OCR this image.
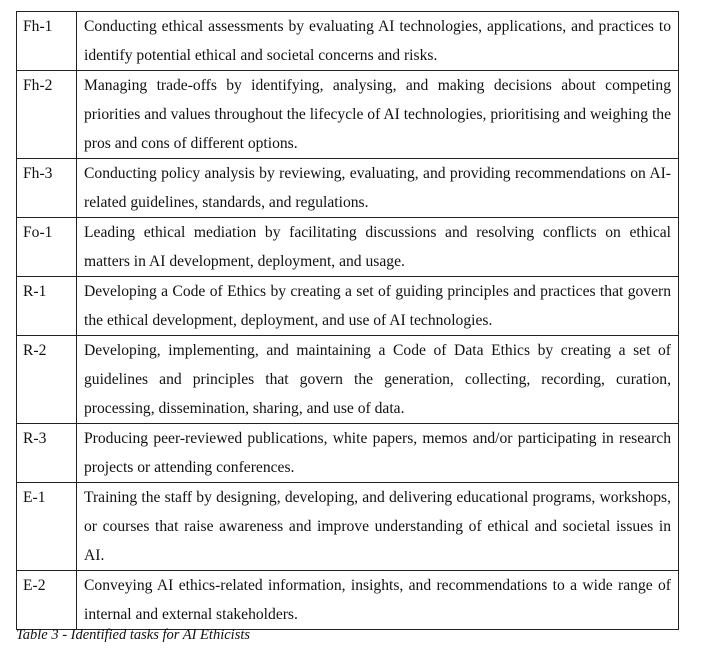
Fh-1	Conducting ethical assessments by evaluating AI technologies, applications, and practices to identify potential ethical and societal concerns and risks.
Fh-2	Managing trade-offs by identifying, analysing, and making decisions about competing priorities and values throughout the lifecycle of AI technologies, prioritising and weighing the pros and cons of different options.
Fh-3	Conducting policy analysis by reviewing, evaluating, and providing recommendations on AI-related guidelines, standards, and regulations.
Fo-1	Leading ethical mediation by facilitating discussions and resolving conflicts on ethical matters in AI development, deployment, and usage.
R-1	Developing a Code of Ethics by creating a set of guiding principles and practices that govern the ethical development, deployment, and use of AI technologies.
R-2	Developing, implementing, and maintaining a Code of Data Ethics by creating a set of guidelines and principles that govern the generation, collecting, recording, curation, processing, dissemination, sharing, and use of data.
R-3	Producing peer-reviewed publications, white papers, memos and/or participating in research projects or attending conferences.
E-1	Training the staff by designing, developing, and delivering educational programs, workshops, or courses that raise awareness and improve understanding of ethical and societal issues in AI.
E-2	Conveying AI ethics-related information, insights, and recommendations to a wide range of internal and external stakeholders.
Table 3 - Identified tasks for AI Ethicists
